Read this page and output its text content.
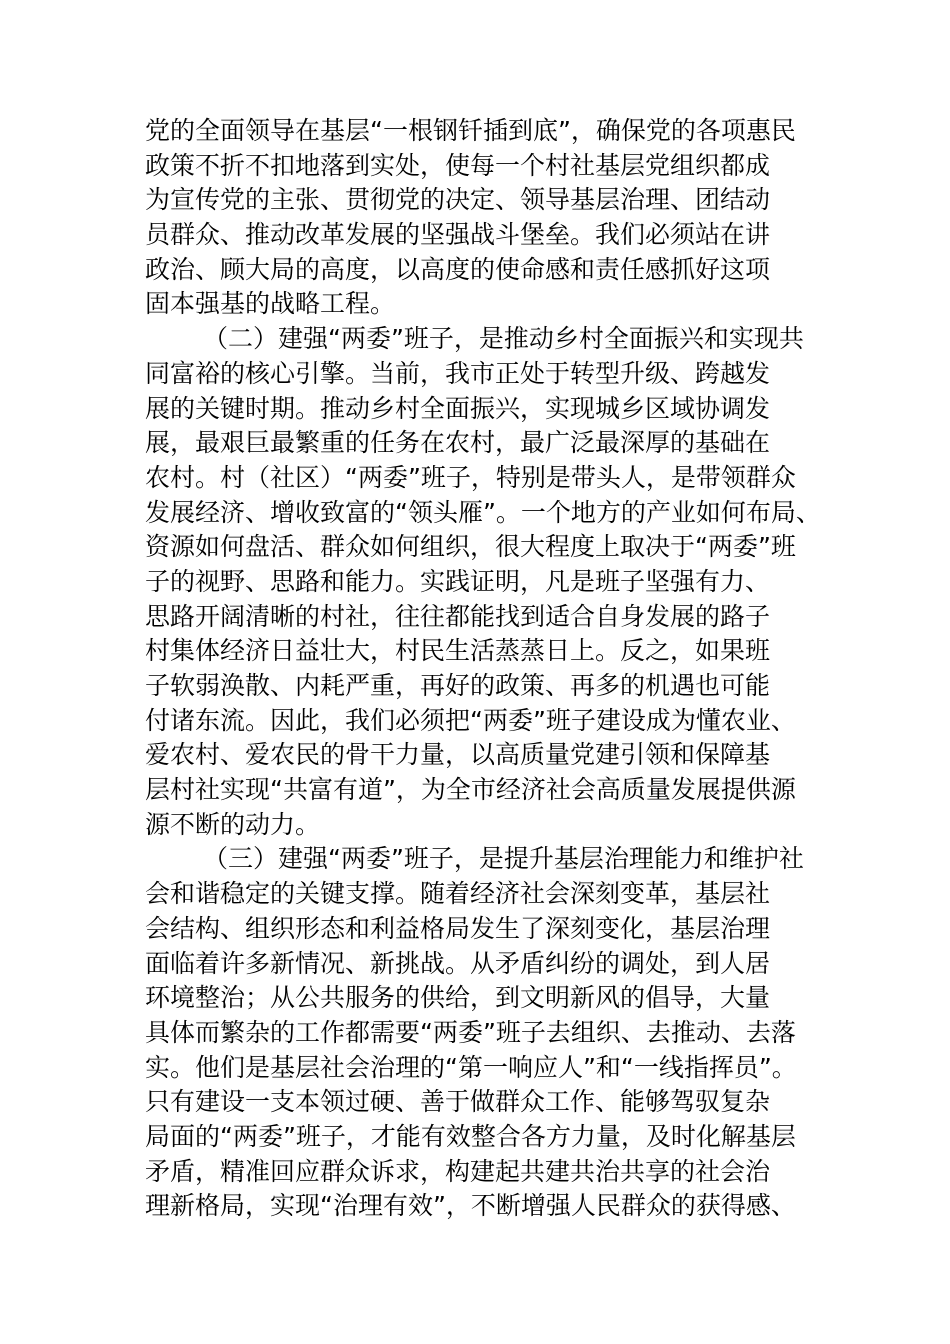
党的全面领导在基层“一根钢钎插到底”，确保党的各项惠民
政策不折不扣地落到实处，使每一个村社基层党组织都成
为宣传党的主张、贯彻党的决定、领导基层治理、团结动
员群众、推动改革发展的坚强战斗堡垒。我们必须站在讲
政治、顾大局的高度，以高度的使命感和责任感抓好这项
固本强基的战略工程。
（二）建强“两委”班子，是推动乡村全面振兴和实现共
同富裕的核心引擎。当前，我市正处于转型升级、跨越发
展的关键时期。推动乡村全面振兴，实现城乡区域协调发
展，最艰巨最繁重的任务在农村，最广泛最深厚的基础在
农村。村（社区）“两委”班子，特别是带头人，是带领群众
发展经济、增收致富的“领头雁”。一个地方的产业如何布局、
资源如何盘活、群众如何组织，很大程度上取决于“两委”班
子的视野、思路和能力。实践证明，凡是班子坚强有力、
思路开阔清晰的村社，往往都能找到适合自身发展的路子
村集体经济日益壮大，村民生活蒸蒸日上。反之，如果班
子软弱涣散、内耗严重，再好的政策、再多的机遇也可能
付诸东流。因此，我们必须把“两委”班子建设成为懂农业、
爱农村、爱农民的骨干力量，以高质量党建引领和保障基
层村社实现“共富有道”，为全市经济社会高质量发展提供源
源不断的动力。
（三）建强“两委”班子，是提升基层治理能力和维护社
会和谐稳定的关键支撑。随着经济社会深刻变革，基层社
会结构、组织形态和利益格局发生了深刻变化，基层治理
面临着许多新情况、新挑战。从矛盾纠纷的调处，到人居
环境整治；从公共服务的供给，到文明新风的倡导，大量
具体而繁杂的工作都需要“两委”班子去组织、去推动、去落
实。他们是基层社会治理的“第一响应人”和“一线指挥员”。
只有建设一支本领过硬、善于做群众工作、能够驾驭复杂
局面的“两委”班子，才能有效整合各方力量，及时化解基层
矛盾，精准回应群众诉求，构建起共建共治共享的社会治
理新格局，实现“治理有效”，不断增强人民群众的获得感、
